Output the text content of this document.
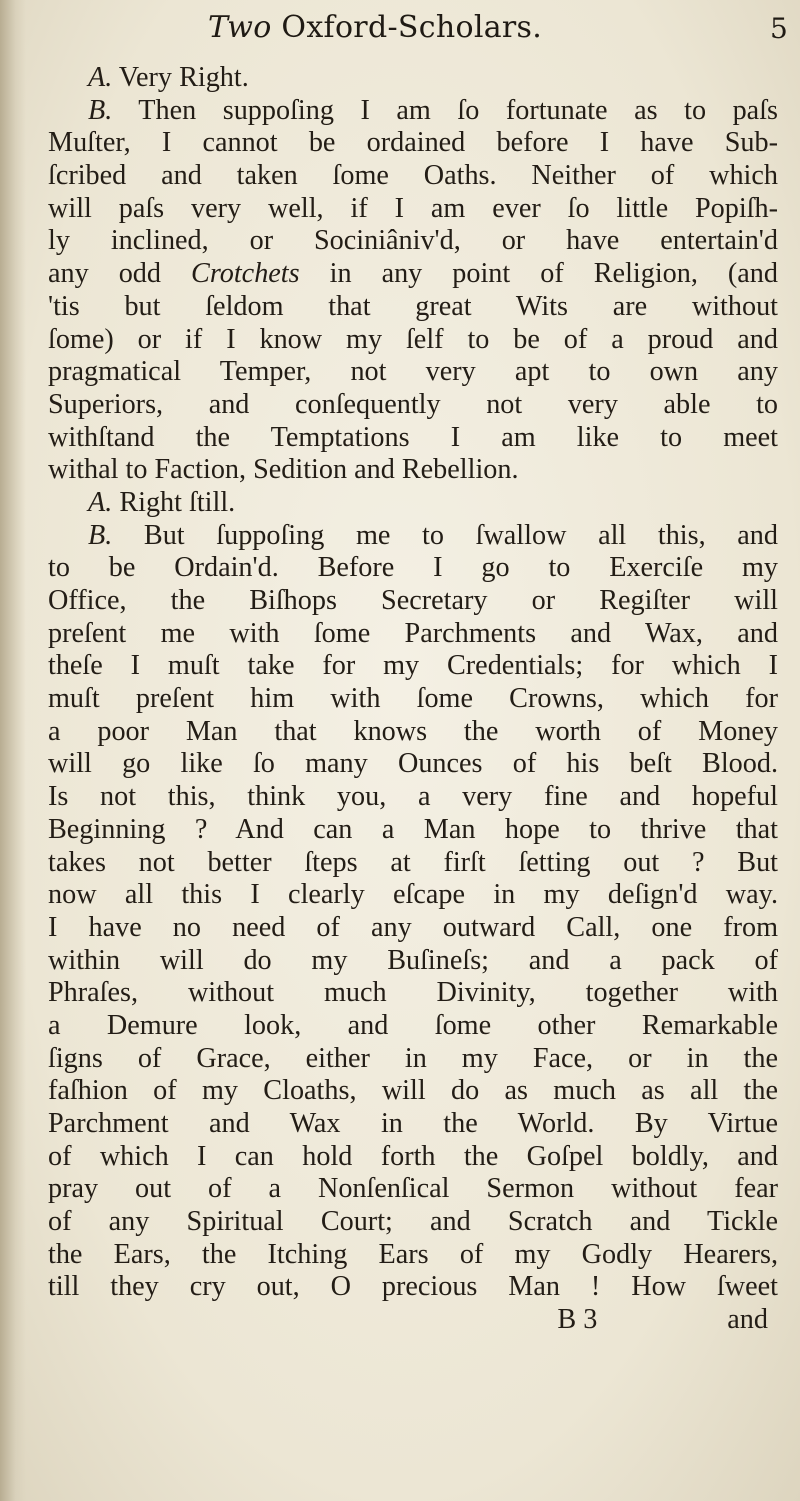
Two Oxford-Scholars.	5
A. Very Right.
B. Then suppoſing I am ſo fortunate as to paſs
Muſter, I cannot be ordained before I have Sub-
ſcribed and taken ſome Oaths. Neither of which
will paſs very well, if I am ever ſo little Popiſh-
ly inclined, or Sociniâniv'd, or have entertain'd
any odd Crotchets in any point of Religion, (and
'tis but ſeldom that great Wits are without
ſome) or if I know my ſelf to be of a proud and
pragmatical Temper, not very apt to own any
Superiors, and conſequently not very able to
withſtand the Temptations I am like to meet
withal to Faction, Sedition and Rebellion.
A. Right ſtill.
B. But ſuppoſing me to ſwallow all this, and
to be Ordain'd. Before I go to Exerciſe my
Office, the Biſhops Secretary or Regiſter will
preſent me with ſome Parchments and Wax, and
theſe I muſt take for my Credentials; for which I
muſt preſent him with ſome Crowns, which for
a poor Man that knows the worth of Money
will go like ſo many Ounces of his beſt Blood.
Is not this, think you, a very fine and hopeful
Beginning ? And can a Man hope to thrive that
takes not better ſteps at firſt ſetting out ? But
now all this I clearly eſcape in my deſign'd way.
I have no need of any outward Call, one from
within will do my Buſineſs; and a pack of
Phraſes, without much Divinity, together with
a Demure look, and ſome other Remarkable
ſigns of Grace, either in my Face, or in the
faſhion of my Cloaths, will do as much as all the
Parchment and Wax in the World. By Virtue
of which I can hold forth the Goſpel boldly, and
pray out of a Nonſenſical Sermon without fear
of any Spiritual Court; and Scratch and Tickle
the Ears, the Itching Ears of my Godly Hearers,
till they cry out, O precious Man ! How ſweet
B 3	and
